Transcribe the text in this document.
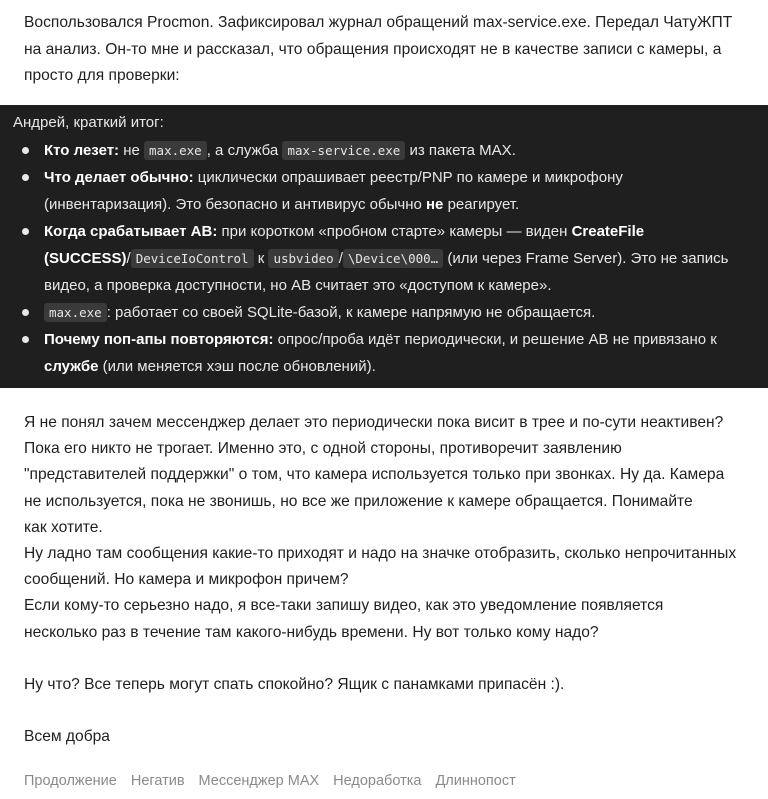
Воспользовался Procmon. Зафиксировал журнал обращений max-service.exe. Передал ЧатуЖПТ на анализ. Он-то мне и рассказал, что обращения происходят не в качестве записи с камеры, а просто для проверки:
Андрей, краткий итог:
Кто лезет: не max.exe , а служба max-service.exe из пакета MAX.
Что делает обычно: циклически опрашивает реестр/PNP по камере и микрофону (инвентаризация). Это безопасно и антивирус обычно не реагирует.
Когда срабатывает АВ: при коротком «пробном старте» камеры — виден CreateFile (SUCCESS)/ DeviceIoControl к usbvideo / \Device\000… (или через Frame Server). Это не запись видео, а проверка доступности, но АВ считает это «доступом к камере».
max.exe : работает со своей SQLite-базой, к камере напрямую не обращается.
Почему поп-апы повторяются: опрос/проба идёт периодически, и решение АВ не привязано к службе (или меняется хэш после обновлений).

Я не понял зачем мессенджер делает это периодически пока висит в трее и по-сути неактивен?
Пока его никто не трогает. Именно это, с одной стороны, противоречит заявлению
"представителей поддержки" о том, что камера используется только при звонках. Ну да. Камера
не используется, пока не звонишь, но все же приложение к камере обращается. Понимайте
как хотите.
Ну ладно там сообщения какие-то приходят и надо на значке отобразить, сколько непрочитанных
сообщений. Но камера и микрофон причем?
Если кому-то серьезно надо, я все-таки запишу видео, как это уведомление появляется
несколько раз в течение там какого-нибудь времени. Ну вот только кому надо?

Ну что? Все теперь могут спать спокойно? Ящик с панамками припасён :).

Всем добра

Продолжение Негатив Мессенджер MAX Недоработка Длиннопост
